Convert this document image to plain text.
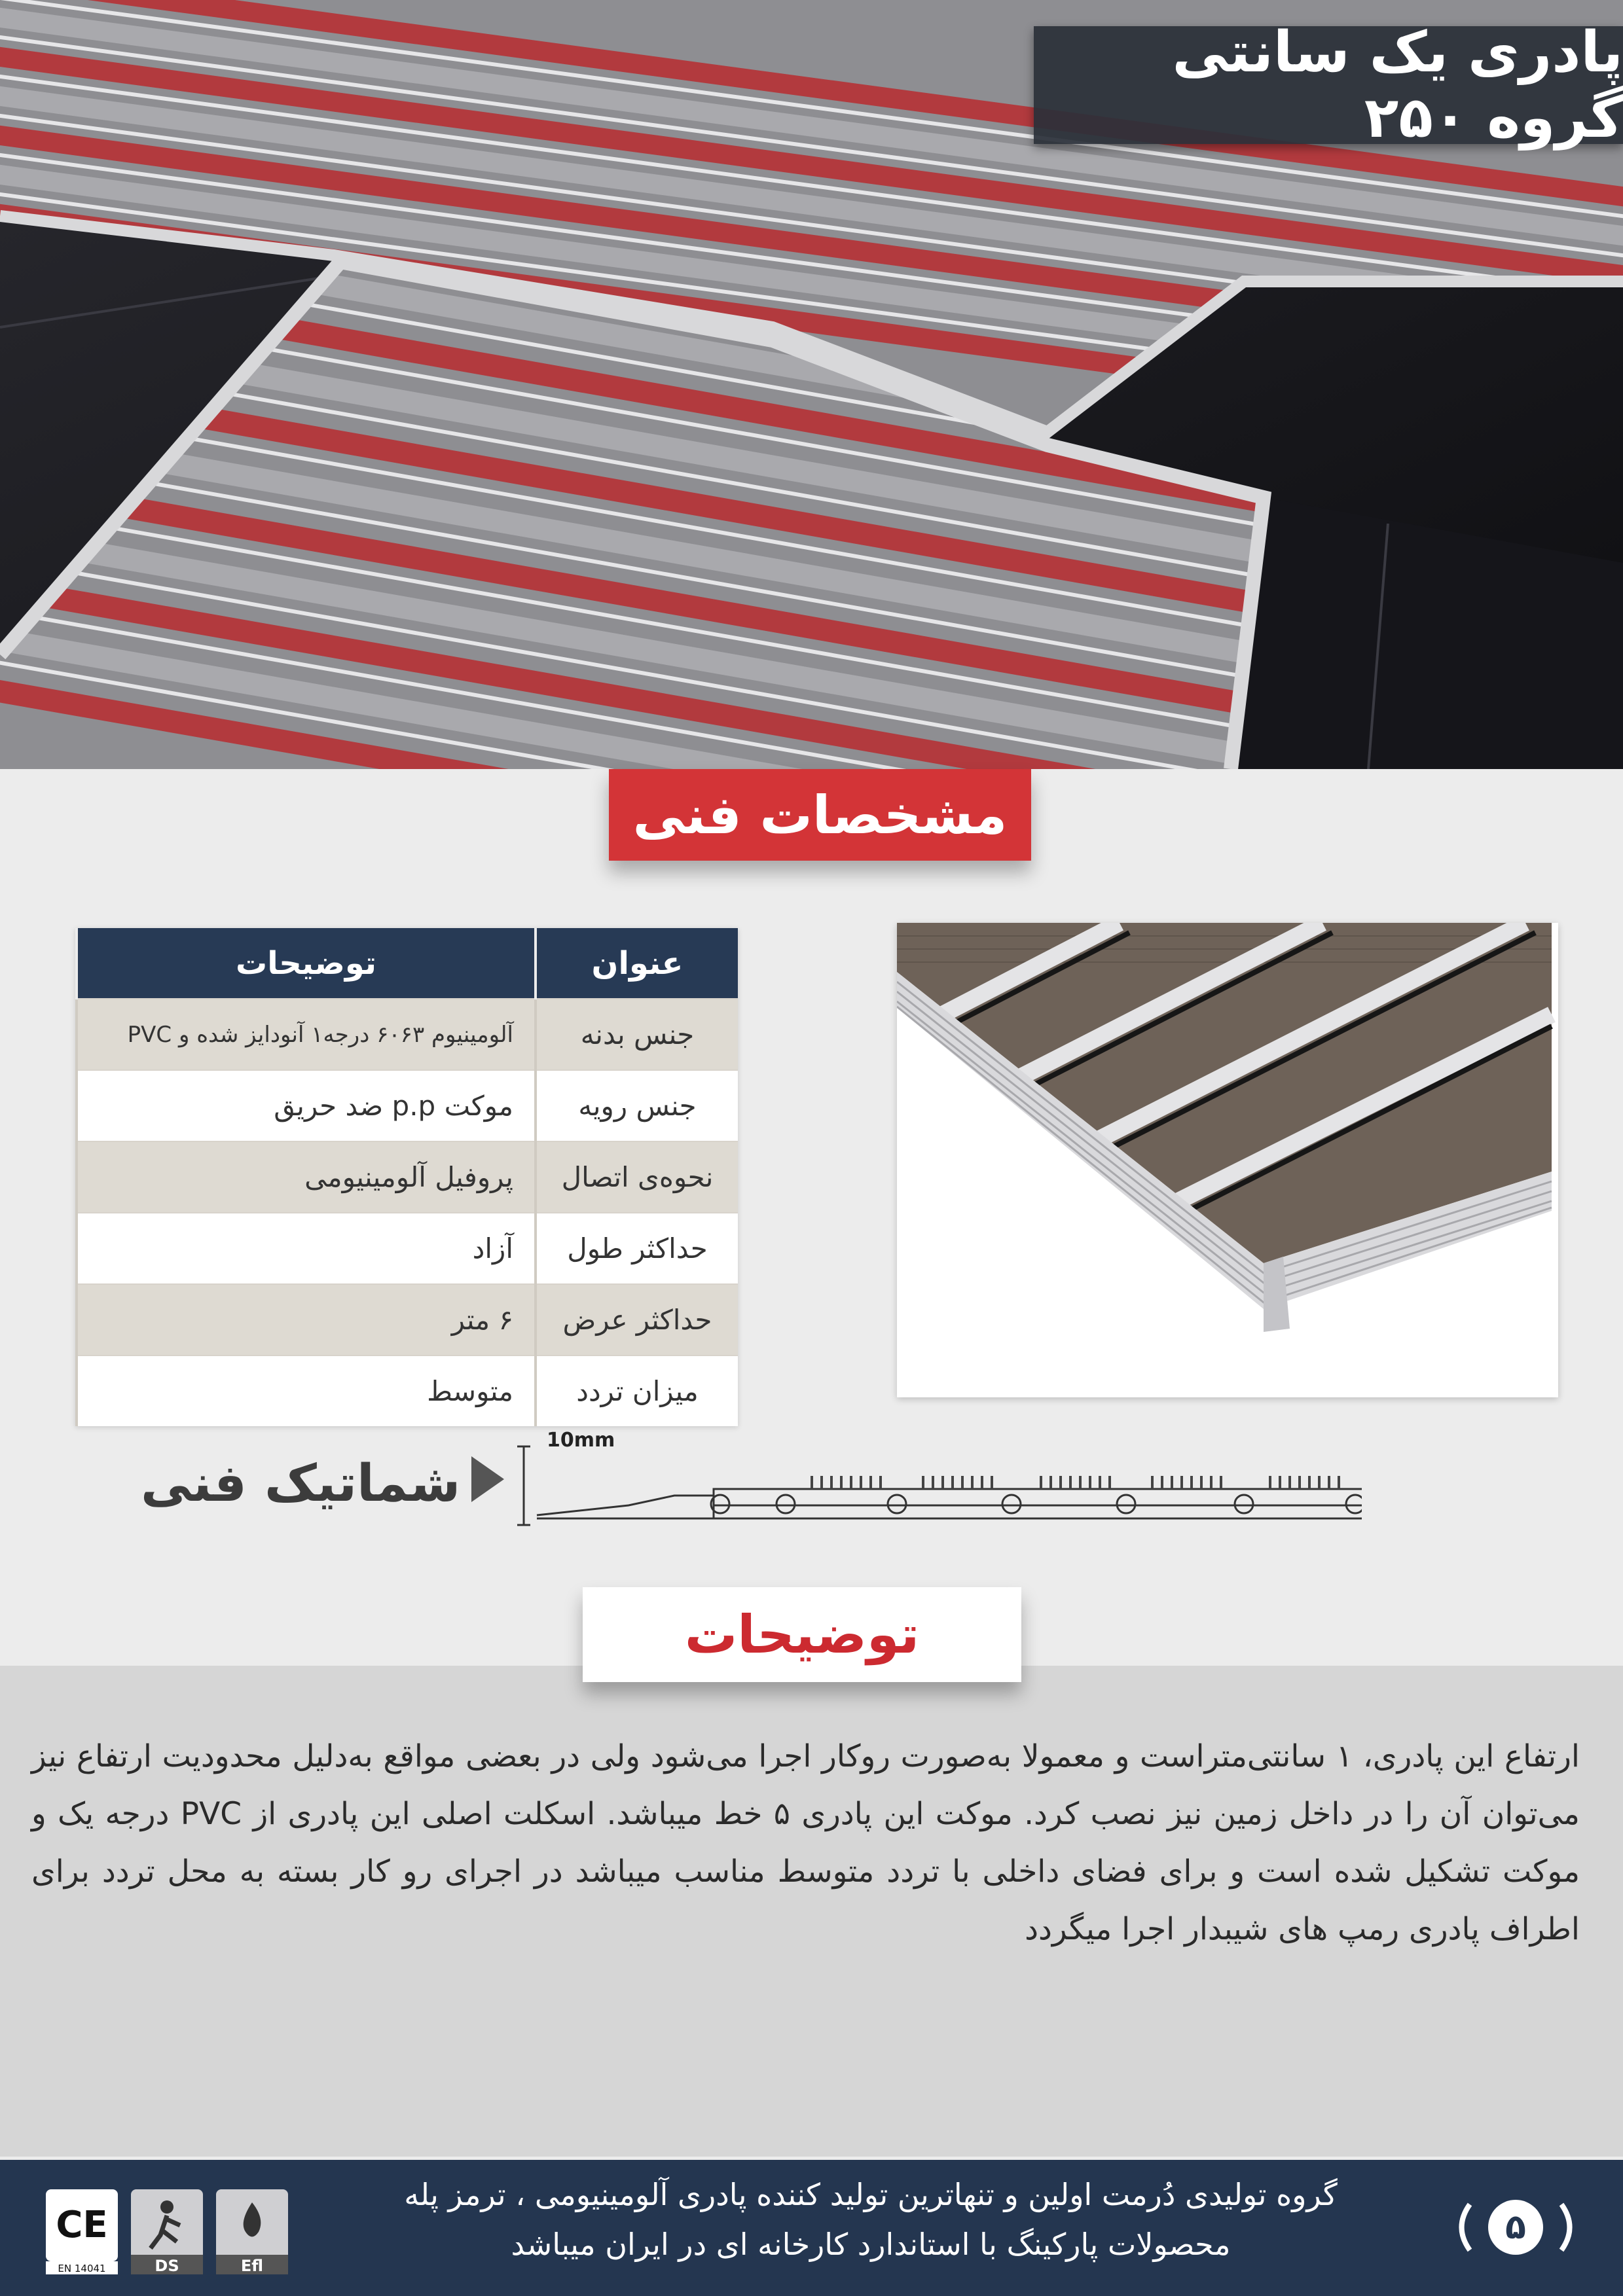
پادری یک سانتی گروه ۲۵۰
مشخصات فنی
عنوان	توضیحات
جنس بدنه	آلومینیوم ۶۰۶۳ درجه۱ آنودایز شده و PVC
جنس رویه	موکت p.p ضد حریق
نحوه‌ی اتصال	پروفیل آلومینیومی
حداکثر طول	آزاد
حداکثر عرض	۶ متر
میزان تردد	متوسط
10mm
شماتیک فنی
توضیحات
ارتفاع این پادری، ۱ سانتی‌متراست و معمولا به‌صورت روکار اجرا می‌شود ولی در بعضی مواقع به‌دلیل محدودیت ارتفاع نیز می‌توان آن را در داخل زمین نیز نصب کرد. موکت این پادری ۵ خط میباشد. اسکلت اصلی این پادری از PVC درجه یک و موکت تشکیل شده است و برای فضای داخلی با تردد متوسط مناسب میباشد در اجرای رو کار بسته به محل تردد برای اطراف پادری رمپ های شیبدار اجرا میگردد
گروه تولیدی دُرمت اولین و تنهاترین تولید کننده پادری آلومینیومی ، ترمز پله
محصولات پارکینگ با استاندارد کارخانه ای در ایران میباشد	۵
CE
EN 14041	DS	Efl
